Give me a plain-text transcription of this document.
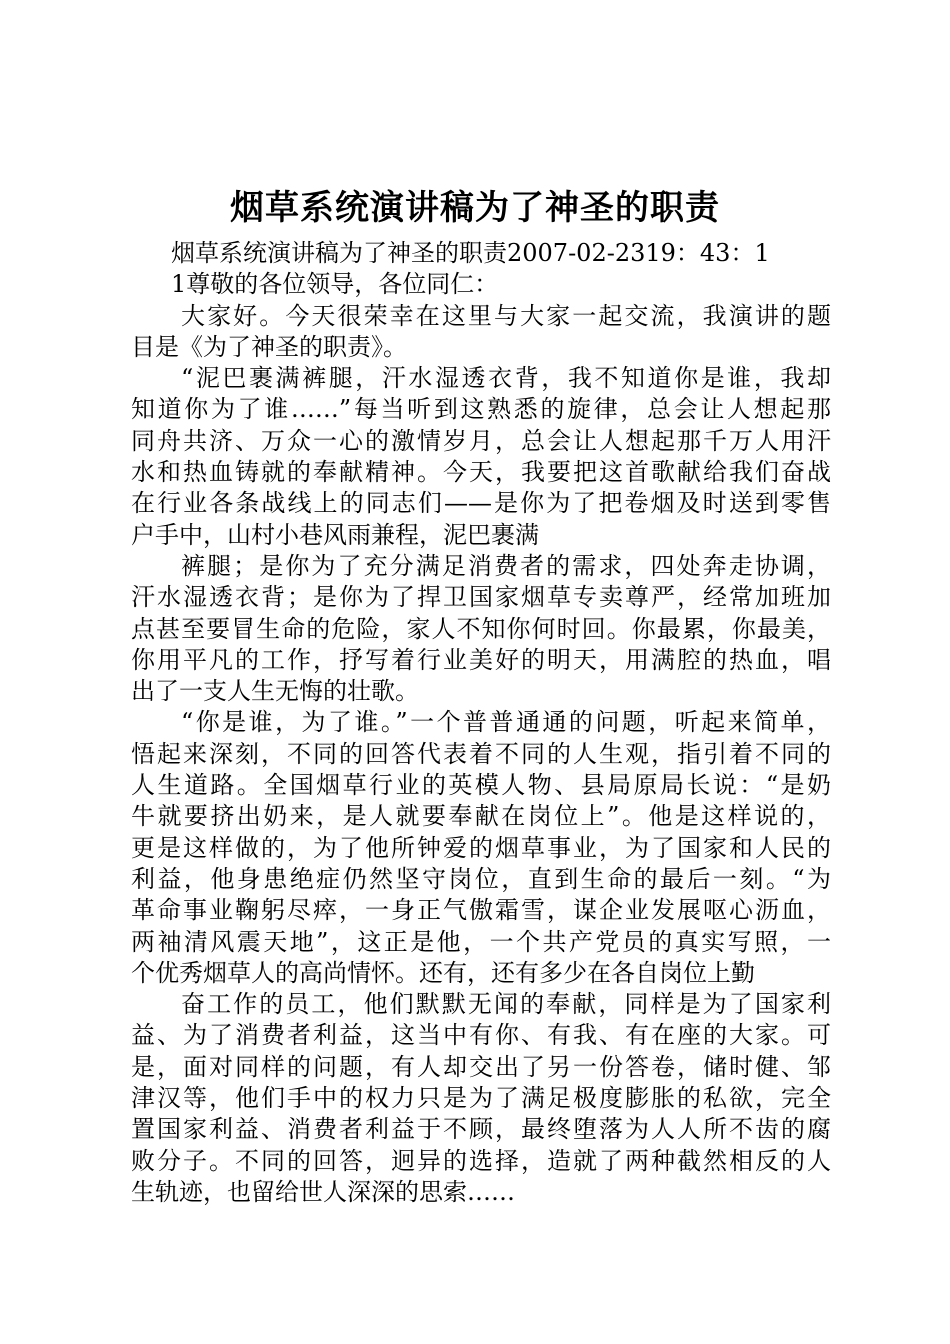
烟草系统演讲稿为了神圣的职责
烟草系统演讲稿为了神圣的职责2007-02-2319：43：1
1尊敬的各位领导，各位同仁：
大家好。今天很荣幸在这里与大家一起交流，我演讲的题
目是《为了神圣的职责》。
“泥巴裹满裤腿，汗水湿透衣背，我不知道你是谁，我却
知道你为了谁……”每当听到这熟悉的旋律，总会让人想起那
同舟共济、万众一心的激情岁月，总会让人想起那千万人用汗
水和热血铸就的奉献精神。今天，我要把这首歌献给我们奋战
在行业各条战线上的同志们——是你为了把卷烟及时送到零售
户手中，山村小巷风雨兼程，泥巴裹满
裤腿；是你为了充分满足消费者的需求，四处奔走协调，
汗水湿透衣背；是你为了捍卫国家烟草专卖尊严，经常加班加
点甚至要冒生命的危险，家人不知你何时回。你最累，你最美，
你用平凡的工作，抒写着行业美好的明天，用满腔的热血，唱
出了一支人生无悔的壮歌。
“你是谁，为了谁。”一个普普通通的问题，听起来简单，
悟起来深刻，不同的回答代表着不同的人生观，指引着不同的
人生道路。全国烟草行业的英模人物、县局原局长说：“是奶
牛就要挤出奶来，是人就要奉献在岗位上”。他是这样说的，
更是这样做的，为了他所钟爱的烟草事业，为了国家和人民的
利益，他身患绝症仍然坚守岗位，直到生命的最后一刻。“为
革命事业鞠躬尽瘁，一身正气傲霜雪，谋企业发展呕心沥血，
两袖清风震天地”，这正是他，一个共产党员的真实写照，一
个优秀烟草人的高尚情怀。还有，还有多少在各自岗位上勤
奋工作的员工，他们默默无闻的奉献，同样是为了国家利
益、为了消费者利益，这当中有你、有我、有在座的大家。可
是，面对同样的问题，有人却交出了另一份答卷，储时健、邹
津汉等，他们手中的权力只是为了满足极度膨胀的私欲，完全
置国家利益、消费者利益于不顾，最终堕落为人人所不齿的腐
败分子。不同的回答，迥异的选择，造就了两种截然相反的人
生轨迹，也留给世人深深的思索……
